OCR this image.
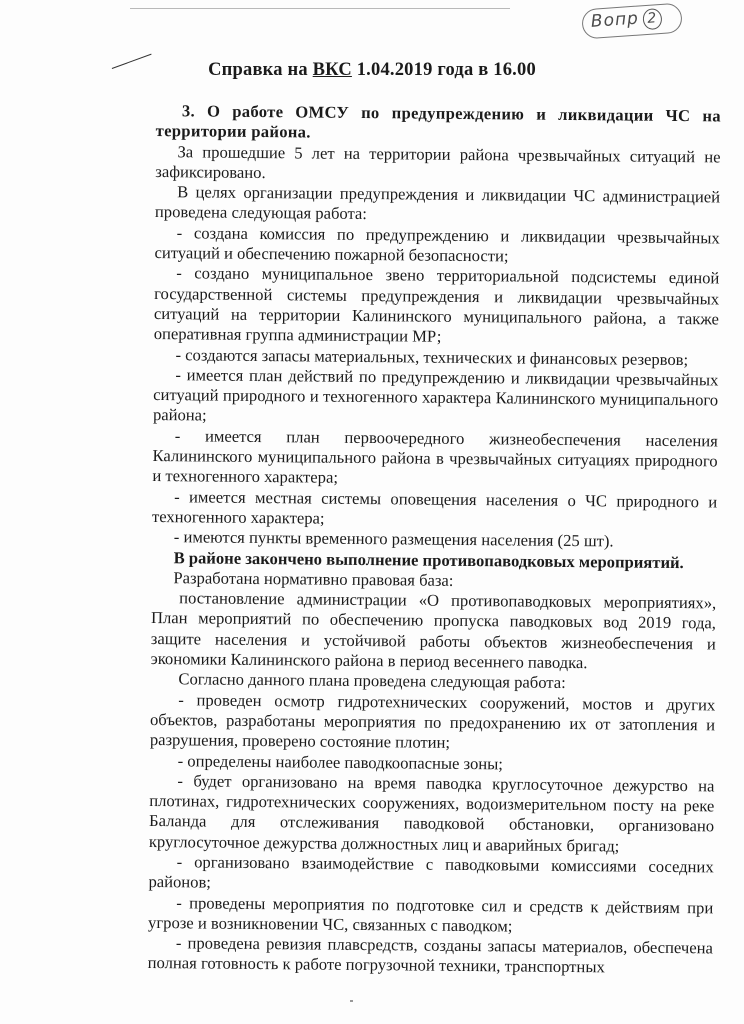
Вопр 2
Справка на ВКС 1.04.2019 года в 16.00

3. О работе ОМСУ по предупреждению и ликвидации ЧС на территории района.

За прошедшие 5 лет на территории района чрезвычайных ситуаций не зафиксировано.

В целях организации предупреждения и ликвидации ЧС администрацией проведена следующая работа:

- создана комиссия по предупреждению и ликвидации чрезвычайных ситуаций и обеспечению пожарной безопасности;

- создано муниципальное звено территориальной подсистемы единой государственной системы предупреждения и ликвидации чрезвычайных ситуаций на территории Калининского муниципального района, а также оперативная группа администрации МР;

- создаются запасы материальных, технических и финансовых резервов;

- имеется план действий по предупреждению и ликвидации чрезвычайных ситуаций природного и техногенного характера Калининского муниципального района;

- имеется план первоочередного жизнеобеспечения населения Калининского муниципального района в чрезвычайных ситуациях природного и техногенного характера;

- имеется местная системы оповещения населения о ЧС природного и техногенного характера;

- имеются пункты временного размещения населения (25 шт).

В районе закончено выполнение противопаводковых мероприятий.

Разработана нормативно правовая база:

постановление администрации «О противопаводковых мероприятиях», План мероприятий по обеспечению пропуска паводковых вод 2019 года, защите населения и устойчивой работы объектов жизнеобеспечения и экономики Калининского района в период весеннего паводка.

Согласно данного плана проведена следующая работа:

- проведен осмотр гидротехнических сооружений, мостов и других объектов, разработаны мероприятия по предохранению их от затопления и разрушения, проверено состояние плотин;

- определены наиболее паводкоопасные зоны;

- будет организовано на время паводка круглосуточное дежурство на плотинах, гидротехнических сооружениях, водоизмерительном посту на реке Баланда для отслеживания паводковой обстановки, организовано круглосуточное дежурства должностных лиц и аварийных бригад;

- организовано взаимодействие с паводковыми комиссиями соседних районов;

- проведены мероприятия по подготовке сил и средств к действиям при угрозе и возникновении ЧС, связанных с паводком;

- проведена ревизия плавсредств, созданы запасы материалов, обеспечена полная готовность к работе погрузочной техники, транспортных
